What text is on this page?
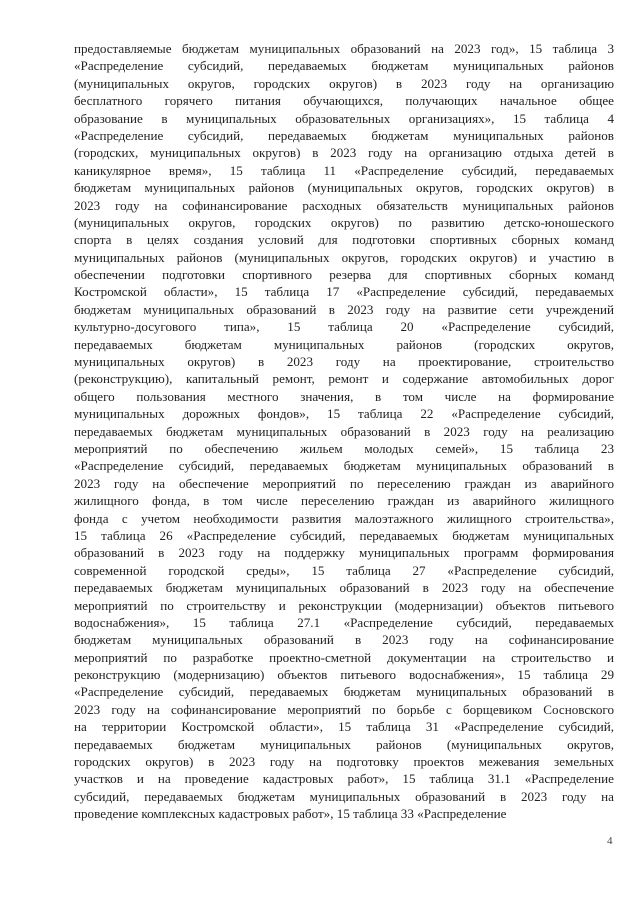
предоставляемые бюджетам муниципальных образований на 2023 год», 15 таблица 3
«Распределение субсидий, передаваемых бюджетам муниципальных районов
(муниципальных округов, городских округов) в 2023 году на организацию
бесплатного горячего питания обучающихся, получающих начальное общее
образование в муниципальных образовательных организациях», 15 таблица 4
«Распределение субсидий, передаваемых бюджетам муниципальных районов
(городских, муниципальных округов) в 2023 году на организацию отдыха детей в
каникулярное время», 15 таблица 11 «Распределение субсидий, передаваемых
бюджетам муниципальных районов (муниципальных округов, городских округов) в
2023 году на софинансирование расходных обязательств муниципальных районов
(муниципальных округов, городских округов) по развитию детско-юношеского
спорта в целях создания условий для подготовки спортивных сборных команд
муниципальных районов (муниципальных округов, городских округов) и участию в
обеспечении подготовки спортивного резерва для спортивных сборных команд
Костромской области», 15 таблица 17 «Распределение субсидий, передаваемых
бюджетам муниципальных образований в 2023 году на развитие сети учреждений
культурно-досугового типа», 15 таблица 20 «Распределение субсидий,
передаваемых бюджетам муниципальных районов (городских округов,
муниципальных округов) в 2023 году на проектирование, строительство
(реконструкцию), капитальный ремонт, ремонт и содержание автомобильных дорог
общего пользования местного значения, в том числе на формирование
муниципальных дорожных фондов», 15 таблица 22 «Распределение субсидий,
передаваемых бюджетам муниципальных образований в 2023 году на реализацию
мероприятий по обеспечению жильем молодых семей», 15 таблица 23
«Распределение субсидий, передаваемых бюджетам муниципальных образований в
2023 году на обеспечение мероприятий по переселению граждан из аварийного
жилищного фонда, в том числе переселению граждан из аварийного жилищного
фонда с учетом необходимости развития малоэтажного жилищного строительства»,
15 таблица 26 «Распределение субсидий, передаваемых бюджетам муниципальных
образований в 2023 году на поддержку муниципальных программ формирования
современной городской среды», 15 таблица 27 «Распределение субсидий,
передаваемых бюджетам муниципальных образований в 2023 году на обеспечение
мероприятий по строительству и реконструкции (модернизации) объектов питьевого
водоснабжения», 15 таблица 27.1 «Распределение субсидий, передаваемых
бюджетам муниципальных образований в 2023 году на софинансирование
мероприятий по разработке проектно-сметной документации на строительство и
реконструкцию (модернизацию) объектов питьевого водоснабжения», 15 таблица 29
«Распределение субсидий, передаваемых бюджетам муниципальных образований в
2023 году на софинансирование мероприятий по борьбе с борщевиком Сосновского
на территории Костромской области», 15 таблица 31 «Распределение субсидий,
передаваемых бюджетам муниципальных районов (муниципальных округов,
городских округов) в 2023 году на подготовку проектов межевания земельных
участков и на проведение кадастровых работ», 15 таблица 31.1 «Распределение
субсидий, передаваемых бюджетам муниципальных образований в 2023 году на
проведение комплексных кадастровых работ», 15 таблица 33 «Распределение
4
